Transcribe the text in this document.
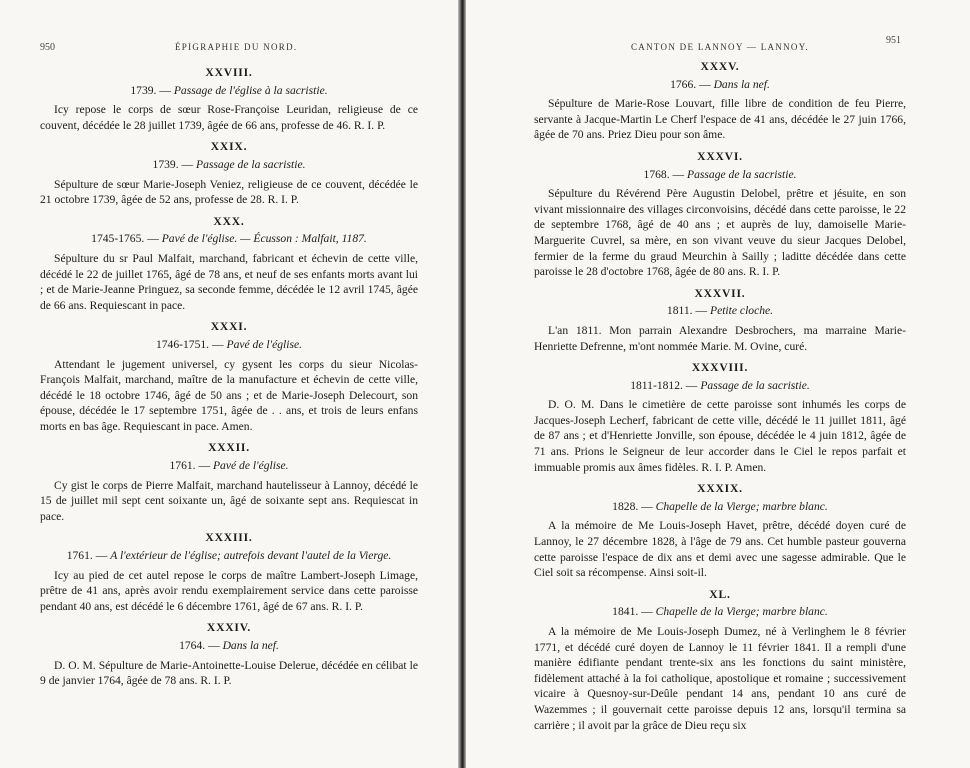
950	ÉPIGRAPHIE DU NORD.
XXVIII.
1739. — Passage de l'église à la sacristie.

Icy repose le corps de sœur Rose-Françoise Leuridan, religieuse de ce couvent, décédée le 28 juillet 1739, âgée de 66 ans, professe de 46. R. I. P.

XXIX.
1739. — Passage de la sacristie.

Sépulture de sœur Marie-Joseph Veniez, religieuse de ce couvent, décédée le 21 octobre 1739, âgée de 52 ans, professe de 28. R. I. P.

XXX.
1745-1765. — Pavé de l'église. — Écusson : Malfait, 1187.

Sépulture du sr Paul Malfait, marchand, fabricant et échevin de cette ville, décédé le 22 de juillet 1765, âgé de 78 ans, et neuf de ses enfants morts avant lui ; et de Marie-Jeanne Pringuez, sa seconde femme, décédée le 12 avril 1745, âgée de 66 ans. Requiescant in pace.

XXXI.
1746-1751. — Pavé de l'église.

Attendant le jugement universel, cy gysent les corps du sieur Nicolas-François Malfait, marchand, maître de la manufacture et échevin de cette ville, décédé le 18 octobre 1746, âgé de 50 ans ; et de Marie-Joseph Delecourt, son épouse, décédée le 17 septembre 1751, âgée de . . ans, et trois de leurs enfans morts en bas âge. Requiescant in pace. Amen.

XXXII.
1761. — Pavé de l'église.

Cy gist le corps de Pierre Malfait, marchand hautelisseur à Lannoy, décédé le 15 de juillet mil sept cent soixante un, âgé de soixante sept ans. Requiescat in pace.

XXXIII.
1761. — A l'extérieur de l'église; autrefois devant l'autel de la Vierge.

Icy au pied de cet autel repose le corps de maître Lambert-Joseph Limage, prêtre de 41 ans, après avoir rendu exemplairement service dans cette paroisse pendant 40 ans, est décédé le 6 décembre 1761, âgé de 67 ans. R. I. P.

XXXIV.
1764. — Dans la nef.

D. O. M. Sépulture de Marie-Antoinette-Louise Delerue, décédée en célibat le 9 de janvier 1764, âgée de 78 ans. R. I. P.

CANTON DE LANNOY — LANNOY.
951
XXXV.
1766. — Dans la nef.

Sépulture de Marie-Rose Louvart, fille libre de condition de feu Pierre, servante à Jacque-Martin Le Cherf l'espace de 41 ans, décédée le 27 juin 1766, âgée de 70 ans. Priez Dieu pour son âme.

XXXVI.
1768. — Passage de la sacristie.

Sépulture du Révérend Père Augustin Delobel, prêtre et jésuite, en son vivant missionnaire des villages circonvoisins, décédé dans cette paroisse, le 22 de septembre 1768, âgé de 40 ans ; et auprès de luy, damoiselle Marie-Marguerite Cuvrel, sa mère, en son vivant veuve du sieur Jacques Delobel, fermier de la ferme du graud Meurchin à Sailly ; laditte décédée dans cette paroisse le 28 d'octobre 1768, âgée de 80 ans. R. I. P.

XXXVII.
1811. — Petite cloche.

L'an 1811. Mon parrain Alexandre Desbrochers, ma marraine Marie-Henriette Defrenne, m'ont nommée Marie. M. Ovine, curé.

XXXVIII.
1811-1812. — Passage de la sacristie.

D. O. M. Dans le cimetière de cette paroisse sont inhumés les corps de Jacques-Joseph Lecherf, fabricant de cette ville, décédé le 11 juillet 1811, âgé de 87 ans ; et d'Henriette Jonville, son épouse, décédée le 4 juin 1812, âgée de 71 ans. Prions le Seigneur de leur accorder dans le Ciel le repos parfait et immuable promis aux âmes fidèles. R. I. P. Amen.

XXXIX.
1828. — Chapelle de la Vierge; marbre blanc.

A la mémoire de Me Louis-Joseph Havet, prêtre, décédé doyen curé de Lannoy, le 27 décembre 1828, à l'âge de 79 ans. Cet humble pasteur gouverna cette paroisse l'espace de dix ans et demi avec une sagesse admirable. Que le Ciel soit sa récompense. Ainsi soit-il.

XL.
1841. — Chapelle de la Vierge; marbre blanc.

A la mémoire de Me Louis-Joseph Dumez, né à Verlinghem le 8 février 1771, et décédé curé doyen de Lannoy le 11 février 1841. Il a rempli d'une manière édifiante pendant trente-six ans les fonctions du saint ministère, fidèlement attaché à la foi catholique, apostolique et romaine ; successivement vicaire à Quesnoy-sur-Deûle pendant 14 ans, pendant 10 ans curé de Wazemmes ; il gouvernait cette paroisse depuis 12 ans, lorsqu'il termina sa carrière ; il avoit par la grâce de Dieu reçu six
